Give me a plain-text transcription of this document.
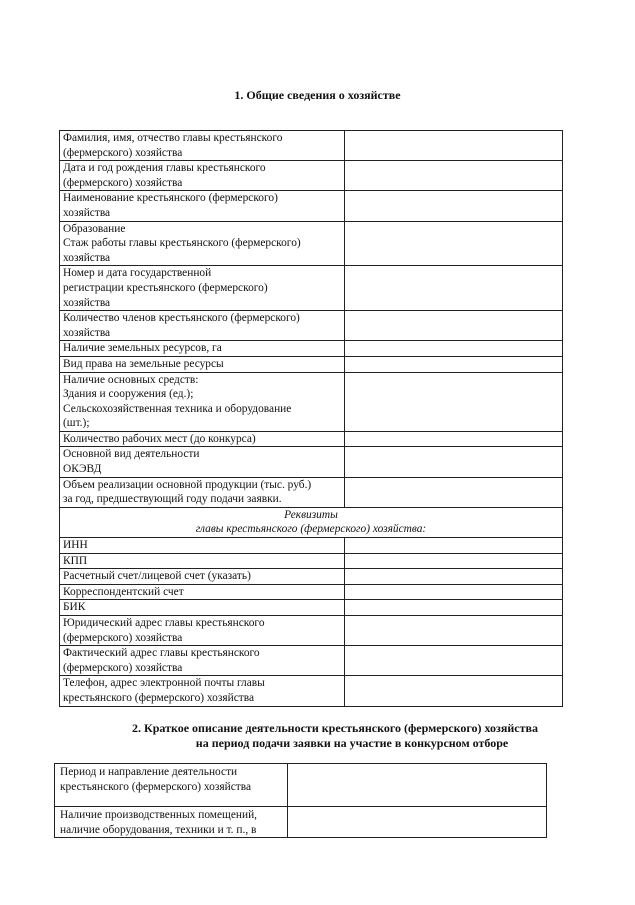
1. Общие сведения о хозяйстве
Фамилия, имя, отчество главы крестьянского
(фермерского) хозяйства	

Дата и год рождения главы крестьянского
(фермерского) хозяйства	

Наименование крестьянского (фермерского)
хозяйства	

Образование
Стаж работы главы крестьянского (фермерского)
хозяйства	

Номер и дата государственной
регистрации крестьянского (фермерского)
хозяйства	

Количество членов крестьянского (фермерского)
хозяйства	

Наличие земельных ресурсов, га	

Вид права на земельные ресурсы	

Наличие основных средств:
Здания и сооружения (ед.);
Сельскохозяйственная техника и оборудование
(шт.);	

Количество рабочих мест (до конкурса)	

Основной вид деятельности
ОКЭВД	

Объем реализации основной продукции (тыс. руб.)
за год, предшествующий году подачи заявки.	

Реквизиты
главы крестьянского (фермерского) хозяйства:	

ИНН	

КПП	

Расчетный счет/лицевой счет (указать)	

Корреспондентский счет	

БИК	

Юридический адрес главы крестьянского
(фермерского) хозяйства	

Фактический адрес главы крестьянского
(фермерского) хозяйства	

Телефон, адрес электронной почты главы
крестьянского (фермерского) хозяйства	

2. Краткое описание деятельности крестьянского (фермерского) хозяйства
на период подачи заявки на участие в конкурсном отборе
Период и направление деятельности
крестьянского (фермерского) хозяйства	

Наличие производственных помещений,
наличие оборудования, техники и т. п., в	
